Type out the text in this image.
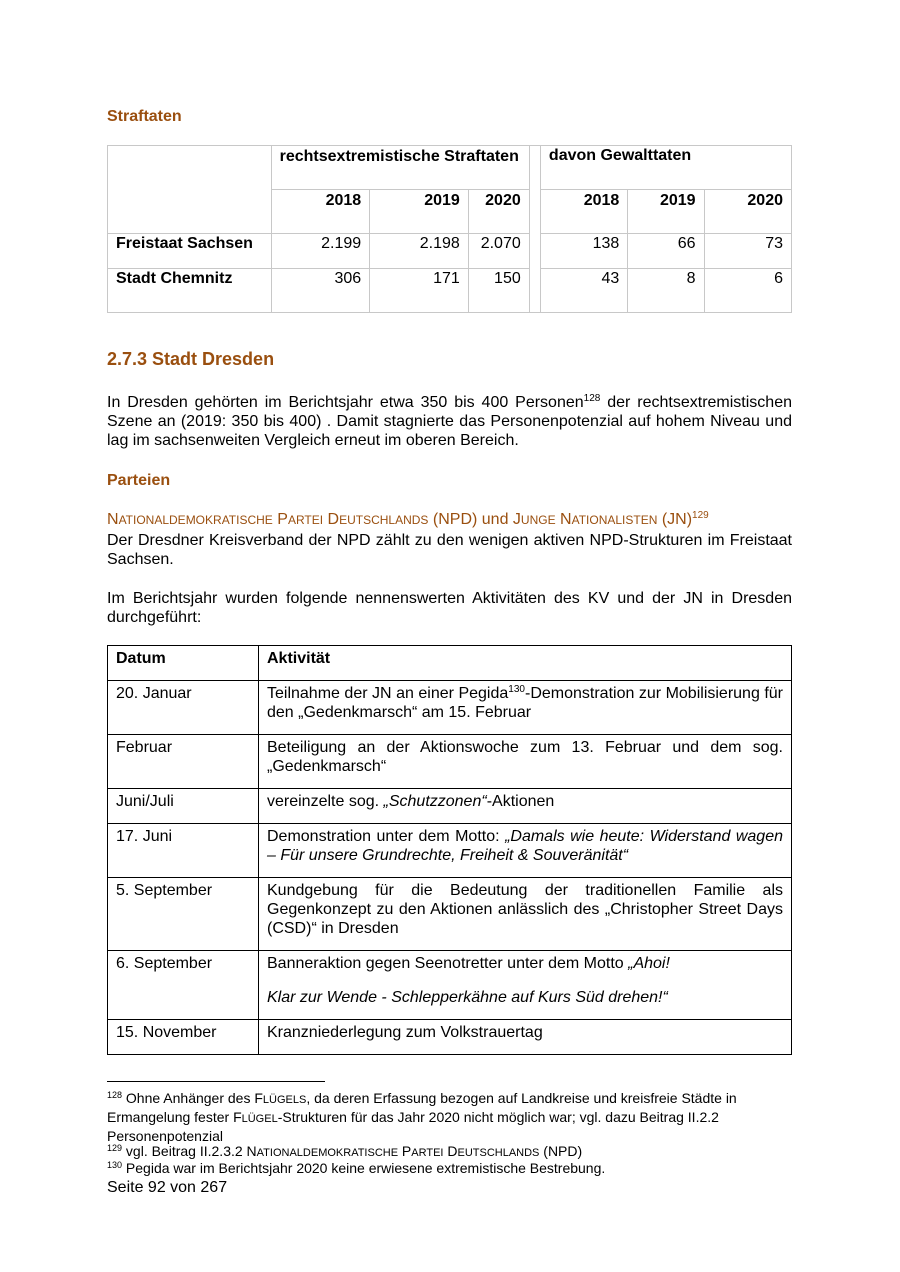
Straftaten
	rechtsextremistische Straftaten				davon Gewalttaten		
	2018	2019	2020		2018	2019	2020
Freistaat Sachsen	2.199	2.198	2.070		138	66	73
Stadt Chemnitz	306	171	150		43	8	6
2.7.3 Stadt Dresden
In Dresden gehörten im Berichtsjahr etwa 350 bis 400 Personen$^{128}$ der rechtsextremistischen Szene an (2019: 350 bis 400) . Damit stagnierte das Personenpotenzial auf hohem Niveau und lag im sachsenweiten Vergleich erneut im oberen Bereich.
Parteien
NATIONALDEMOKRATISCHE PARTEI DEUTSCHLANDS (NPD) und JUNGE NATIONALISTEN (JN)$^{129}$
Der Dresdner Kreisverband der NPD zählt zu den wenigen aktiven NPD-Strukturen im Freistaat Sachsen.
Im Berichtsjahr wurden folgende nennenswerten Aktivitäten des KV und der JN in Dresden durchgeführt:
Datum	Aktivität
20. Januar	Teilnahme der JN an einer Pegida$^{130}$-Demonstration zur Mobilisierung für den „Gedenkmarsch“ am 15. Februar
Februar	Beteiligung an der Aktionswoche zum 13. Februar und dem sog. „Gedenkmarsch“
Juni/Juli	vereinzelte sog. „Schutzzonen“-Aktionen
17. Juni	Demonstration unter dem Motto: „Damals wie heute: Widerstand wagen – Für unsere Grundrechte, Freiheit & Souveränität“
5. September	Kundgebung für die Bedeutung der traditionellen Familie als Gegenkonzept zu den Aktionen anlässlich des „Christopher Street Days (CSD)“ in Dresden
6. September	Banneraktion gegen Seenotretter unter dem Motto „Ahoi!
Klar zur Wende - Schlepperkähne auf Kurs Süd drehen!“

15. November	Kranzniederlegung zum Volkstrauertag
$^{128}$ Ohne Anhänger des FLÜGELS, da deren Erfassung bezogen auf Landkreise und kreisfreie Städte in Ermangelung fester FLÜGEL-Strukturen für das Jahr 2020 nicht möglich war; vgl. dazu Beitrag II.2.2 Personenpotenzial
$^{129}$ vgl. Beitrag II.2.3.2 NATIONALDEMOKRATISCHE PARTEI DEUTSCHLANDS (NPD)
$^{130}$ Pegida war im Berichtsjahr 2020 keine erwiesene extremistische Bestrebung.
Seite 92 von 267
